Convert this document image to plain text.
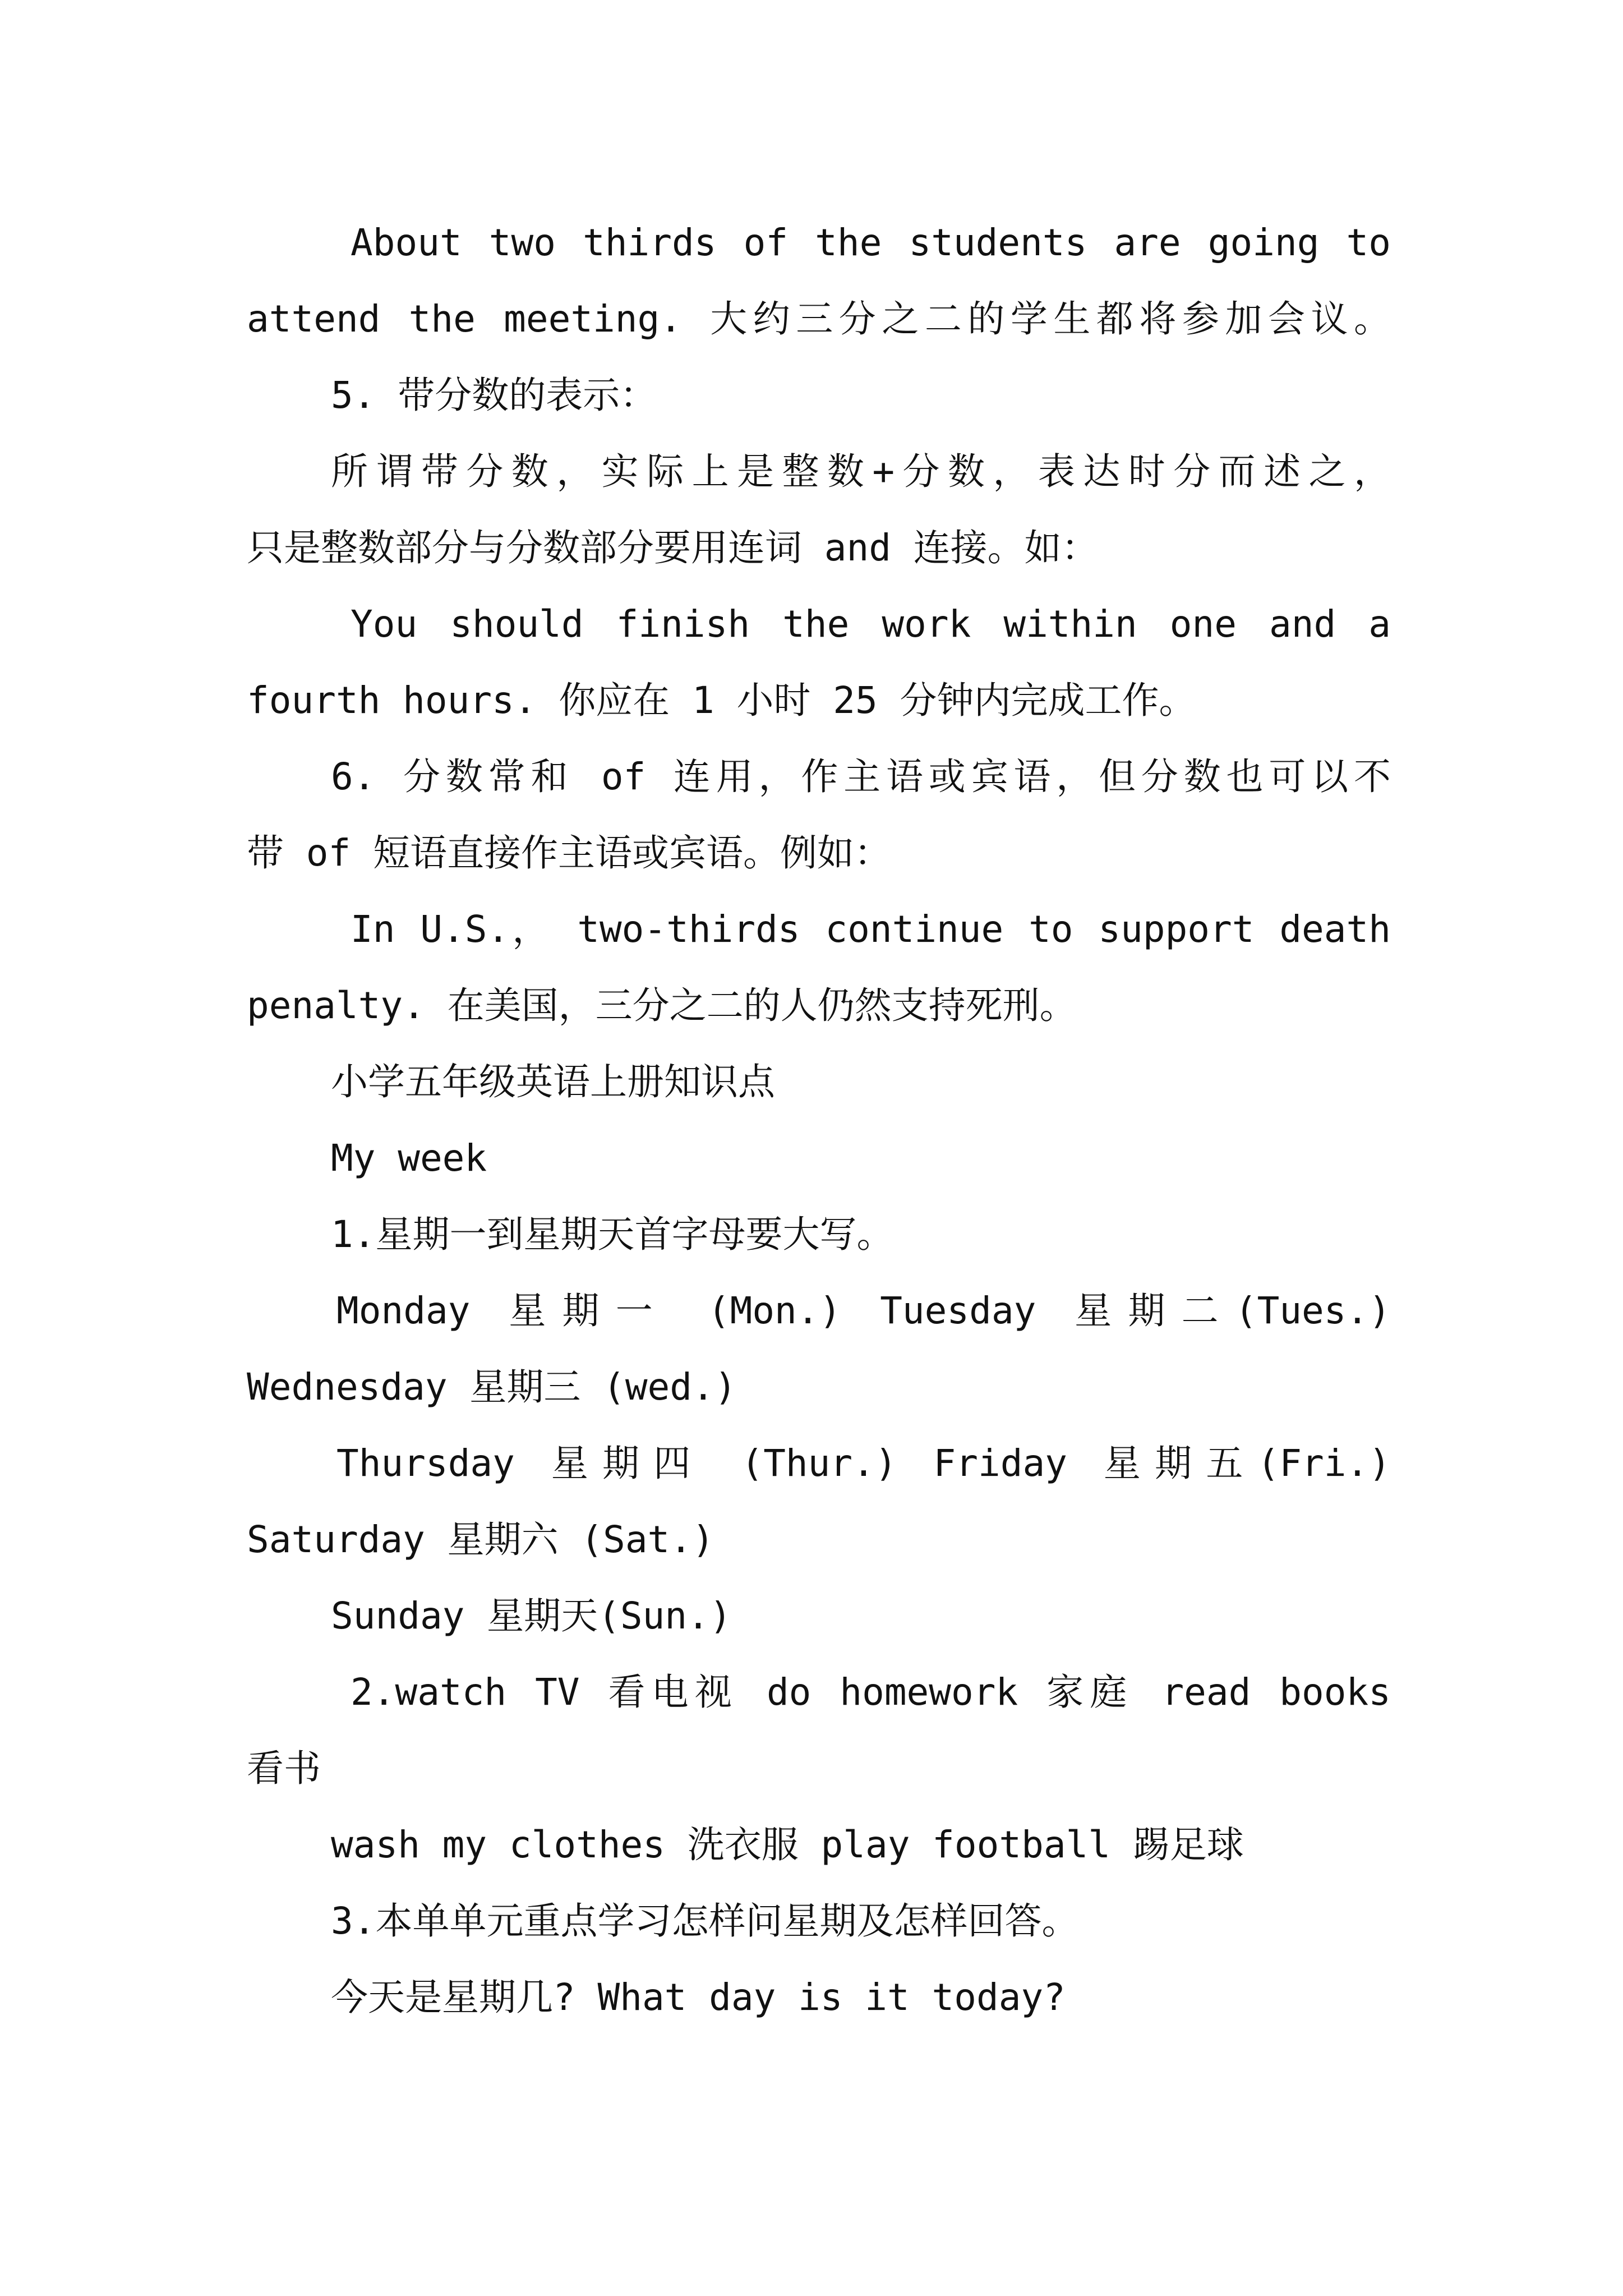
About two thirds of the students are going to
attend the meeting. 大约三分之二的学生都将参加会议。
5. 带分数的表示：
所谓带分数，实际上是整数+分数，表达时分而述之，
只是整数部分与分数部分要用连词 and 连接。如：
You should finish the work within one and a
fourth hours. 你应在 1 小时 25 分钟内完成工作。
6. 分数常和 of 连用，作主语或宾语，但分数也可以不
带 of 短语直接作主语或宾语。例如：
In U.S.， two-thirds continue to support death
penalty. 在美国，三分之二的人仍然支持死刑。
小学五年级英语上册知识点
My week
1.星期一到星期天首字母要大写。
Monday 星期一 (Mon.) Tuesday 星期二(Tues.)
Wednesday 星期三 (wed.)
Thursday 星期四 (Thur.) Friday 星期五(Fri.)
Saturday 星期六 (Sat.)
Sunday 星期天(Sun.)
2.watch TV 看电视 do homework 家庭 read books
看书
wash my clothes 洗衣服 play football 踢足球
3.本单单元重点学习怎样问星期及怎样回答。
今天是星期几? What day is it today?
